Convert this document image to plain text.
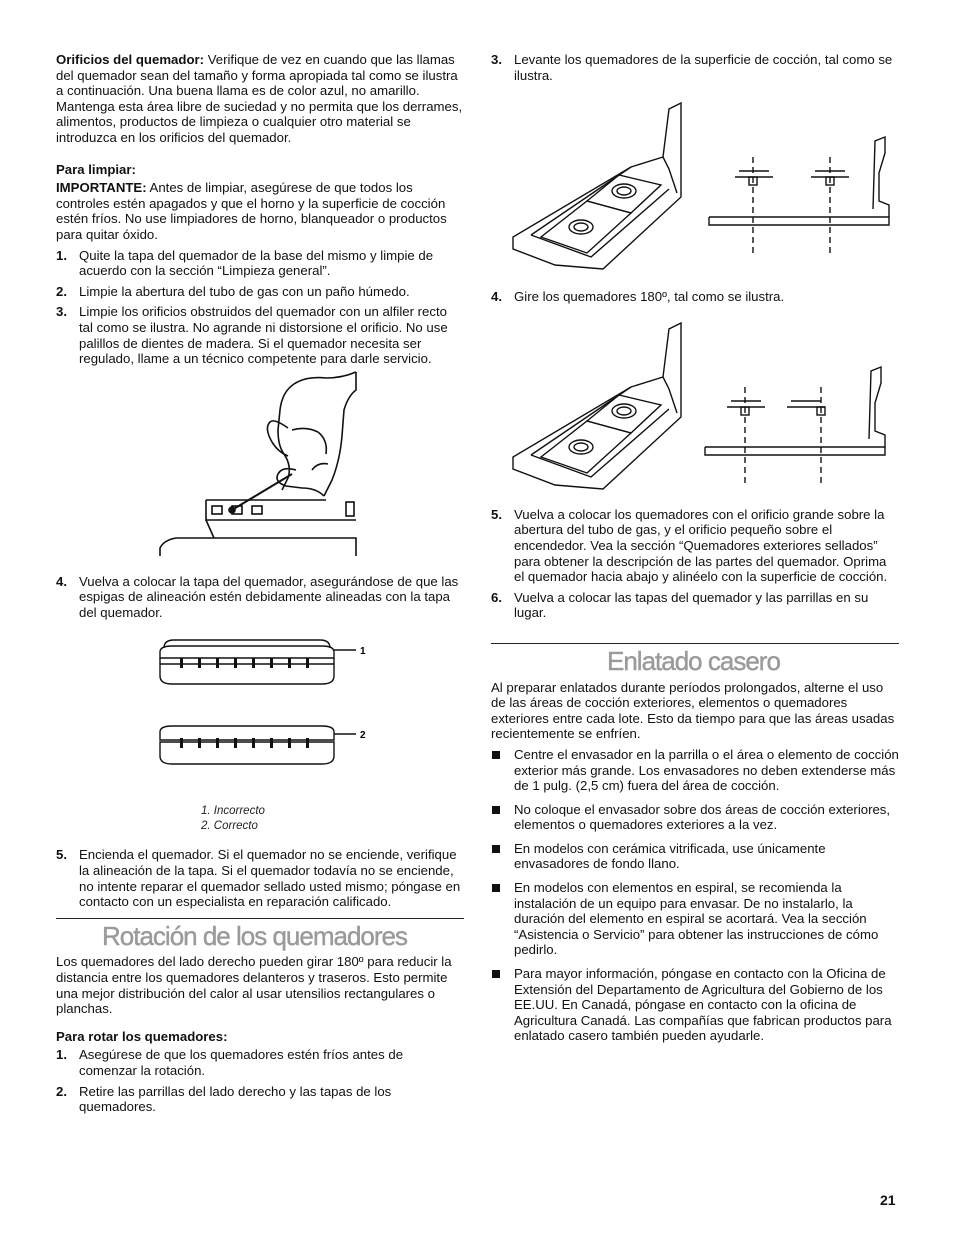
Orificios del quemador: Verifique de vez en cuando que las llamas del quemador sean del tamaño y forma apropiada tal como se ilustra a continuación. Una buena llama es de color azul, no amarillo. Mantenga esta área libre de suciedad y no permita que los derrames, alimentos, productos de limpieza o cualquier otro material se introduzca en los orificios del quemador.

Para limpiar:

IMPORTANTE: Antes de limpiar, asegúrese de que todos los controles estén apagados y que el horno y la superficie de cocción estén fríos. No use limpiadores de horno, blanqueador o productos para quitar óxido.

1. Quite la tapa del quemador de la base del mismo y limpie de acuerdo con la sección “Limpieza general”.
2. Limpie la abertura del tubo de gas con un paño húmedo.
3. Limpie los orificios obstruidos del quemador con un alfiler recto tal como se ilustra. No agrande ni distorsione el orificio. No use palillos de dientes de madera. Si el quemador necesita ser regulado, llame a un técnico competente para darle servicio.
4. Vuelva a colocar la tapa del quemador, asegurándose de que las espigas de alineación estén debidamente alineadas con la tapa del quemador.
1
2
1. Incorrecto
2. Correcto
5. Encienda el quemador. Si el quemador no se enciende, verifique la alineación de la tapa. Si el quemador todavía no se enciende, no intente reparar el quemador sellado usted mismo; póngase en contacto con un especialista en reparación calificado.
Rotación de los quemadores

Los quemadores del lado derecho pueden girar 180º para reducir la distancia entre los quemadores delanteros y traseros. Esto permite una mejor distribución del calor al usar utensilios rectangulares o planchas.

Para rotar los quemadores:

1. Asegúrese de que los quemadores estén fríos antes de comenzar la rotación.
2. Retire las parrillas del lado derecho y las tapas de los quemadores.
3. Levante los quemadores de la superficie de cocción, tal como se ilustra.
4. Gire los quemadores 180º, tal como se ilustra.
5. Vuelva a colocar los quemadores con el orificio grande sobre la abertura del tubo de gas, y el orificio pequeño sobre el encendedor. Vea la sección “Quemadores exteriores sellados” para obtener la descripción de las partes del quemador. Oprima el quemador hacia abajo y alinéelo con la superficie de cocción.
6. Vuelva a colocar las tapas del quemador y las parrillas en su lugar.
Enlatado casero

Al preparar enlatados durante períodos prolongados, alterne el uso de las áreas de cocción exteriores, elementos o quemadores exteriores entre cada lote. Esto da tiempo para que las áreas usadas recientemente se enfríen.

Centre el envasador en la parrilla o el área o elemento de cocción exterior más grande. Los envasadores no deben extenderse más de 1 pulg. (2,5 cm) fuera del área de cocción.
No coloque el envasador sobre dos áreas de cocción exteriores, elementos o quemadores exteriores a la vez.
En modelos con cerámica vitrificada, use únicamente envasadores de fondo llano.
En modelos con elementos en espiral, se recomienda la instalación de un equipo para envasar. De no instalarlo, la duración del elemento en espiral se acortará. Vea la sección “Asistencia o Servicio” para obtener las instrucciones de cómo pedirlo.
Para mayor información, póngase en contacto con la Oficina de Extensión del Departamento de Agricultura del Gobierno de los EE.UU. En Canadá, póngase en contacto con la oficina de Agricultura Canadá. Las compañías que fabrican productos para enlatado casero también pueden ayudarle.
21
